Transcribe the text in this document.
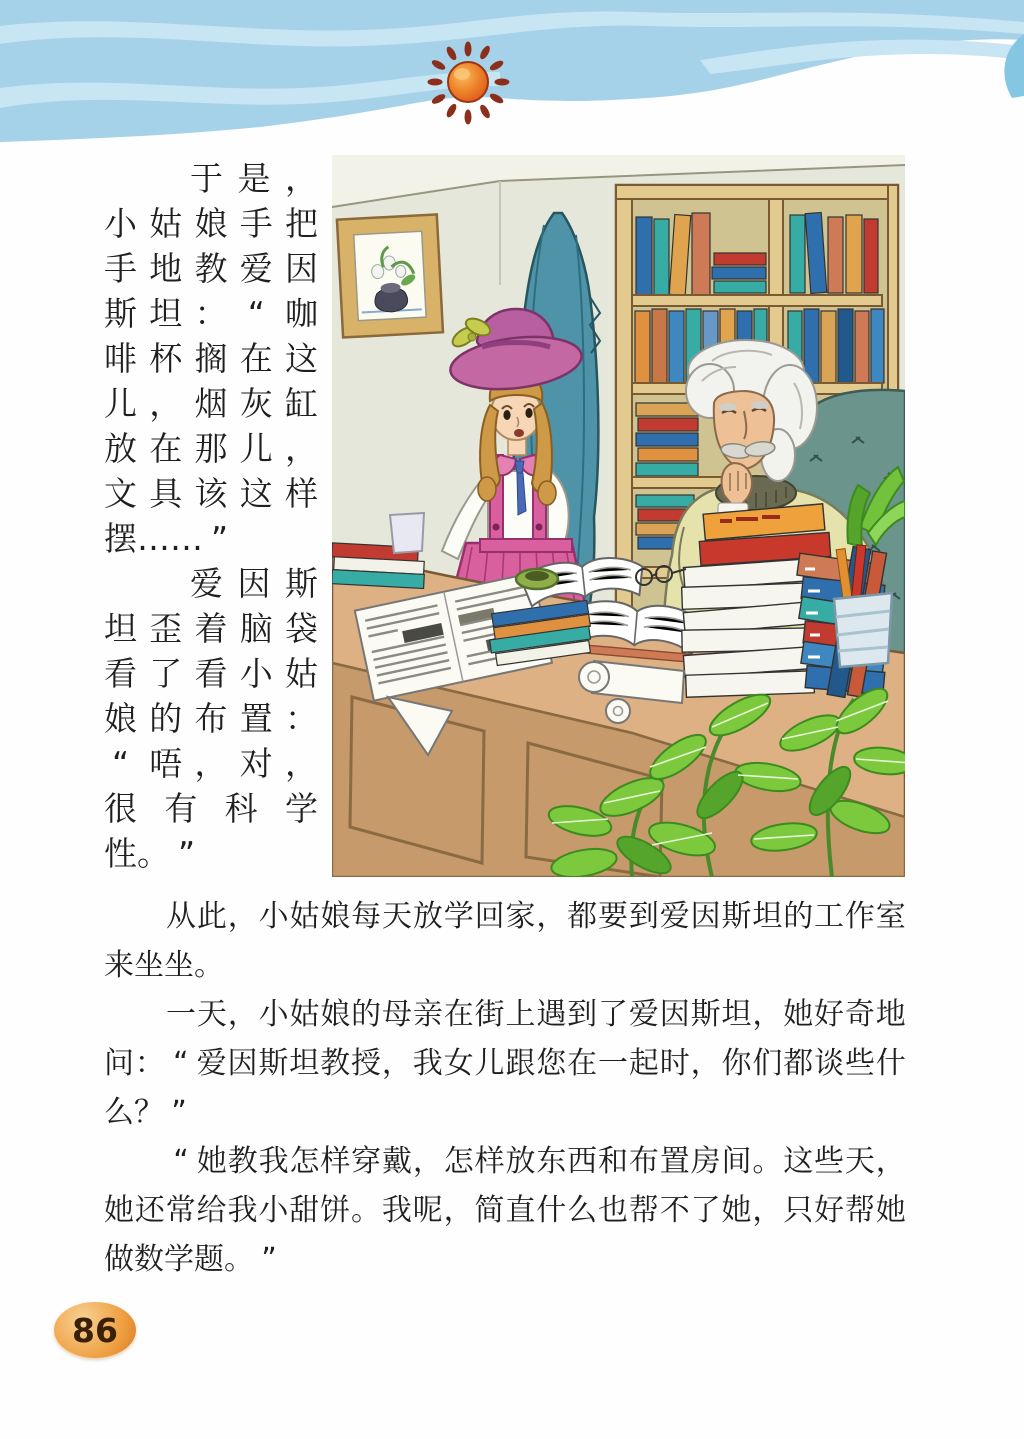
于 是 ，
小 姑 娘 手 把
手 地 教 爱 因
斯 坦 ： “ 咖
啡 杯 搁 在 这
儿 ， 烟 灰 缸
放 在 那 儿 ，
文 具 该 这 样
摆 … … ”
爱 因 斯
坦 歪 着 脑 袋
看 了 看 小 姑
娘 的 布 置 ：
“ 唔 ， 对 ，
很 有 科 学
性 。 ”
从 此 ， 小 姑 娘 每 天 放 学 回 家 ， 都 要 到 爱 因 斯 坦 的 工 作 室
来 坐 坐 。
一 天 ， 小 姑 娘 的 母 亲 在 街 上 遇 到 了 爱 因 斯 坦 ， 她 好 奇 地
问 ： “ 爱 因 斯 坦 教 授 ， 我 女 儿 跟 您 在 一 起 时 ， 你 们 都 谈 些 什
么 ？ ”
“ 她 教 我 怎 样 穿 戴 ， 怎 样 放 东 西 和 布 置 房 间 。 这 些 天 ，
她 还 常 给 我 小 甜 饼 。 我 呢 ， 简 直 什 么 也 帮 不 了 她 ， 只 好 帮 她
做 数 学 题 。 ”
86
